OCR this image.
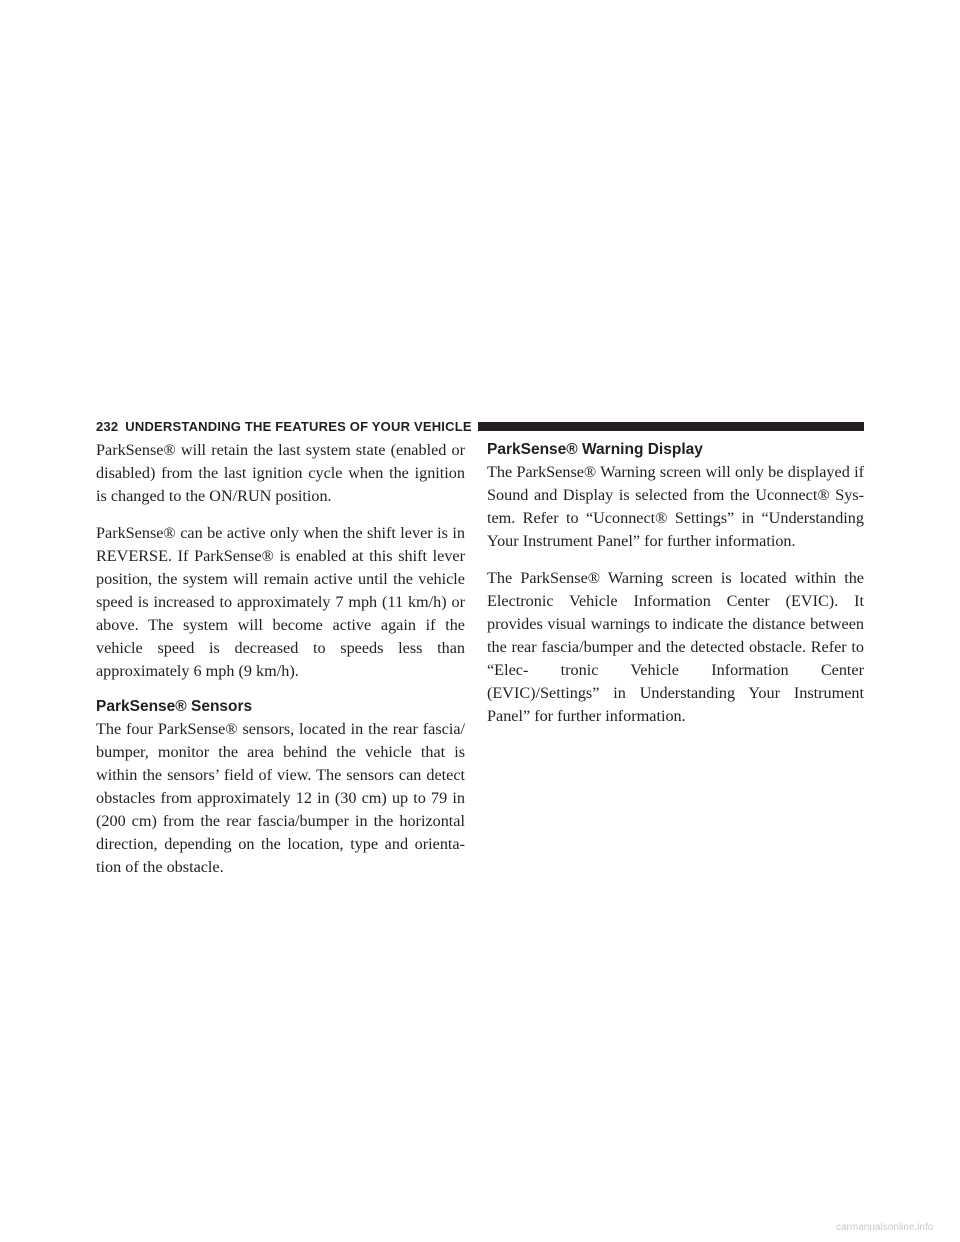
232 UNDERSTANDING THE FEATURES OF YOUR VEHICLE

ParkSense® will retain the last system state (enabled or disabled) from the last ignition cycle when the ignition is changed to the ON/RUN position.

ParkSense® can be active only when the shift lever is in REVERSE. If ParkSense® is enabled at this shift lever position, the system will remain active until the vehicle speed is increased to approximately 7 mph (11 km/h) or above. The system will become active again if the vehicle speed is decreased to speeds less than approximately 6 mph (9 km/h).

ParkSense® Sensors

The four ParkSense® sensors, located in the rear fascia/ bumper, monitor the area behind the vehicle that is within the sensors’ field of view. The sensors can detect obstacles from approximately 12 in (30 cm) up to 79 in (200 cm) from the rear fascia/bumper in the horizontal direction, depending on the location, type and orienta- tion of the obstacle.

ParkSense® Warning Display

The ParkSense® Warning screen will only be displayed if Sound and Display is selected from the Uconnect® Sys- tem. Refer to “Uconnect® Settings” in “Understanding Your Instrument Panel” for further information.

The ParkSense® Warning screen is located within the Electronic Vehicle Information Center (EVIC). It provides visual warnings to indicate the distance between the rear fascia/bumper and the detected obstacle. Refer to “Elec- tronic Vehicle Information Center (EVIC)/Settings” in Understanding Your Instrument Panel” for further information.

carmanualsonline.info
